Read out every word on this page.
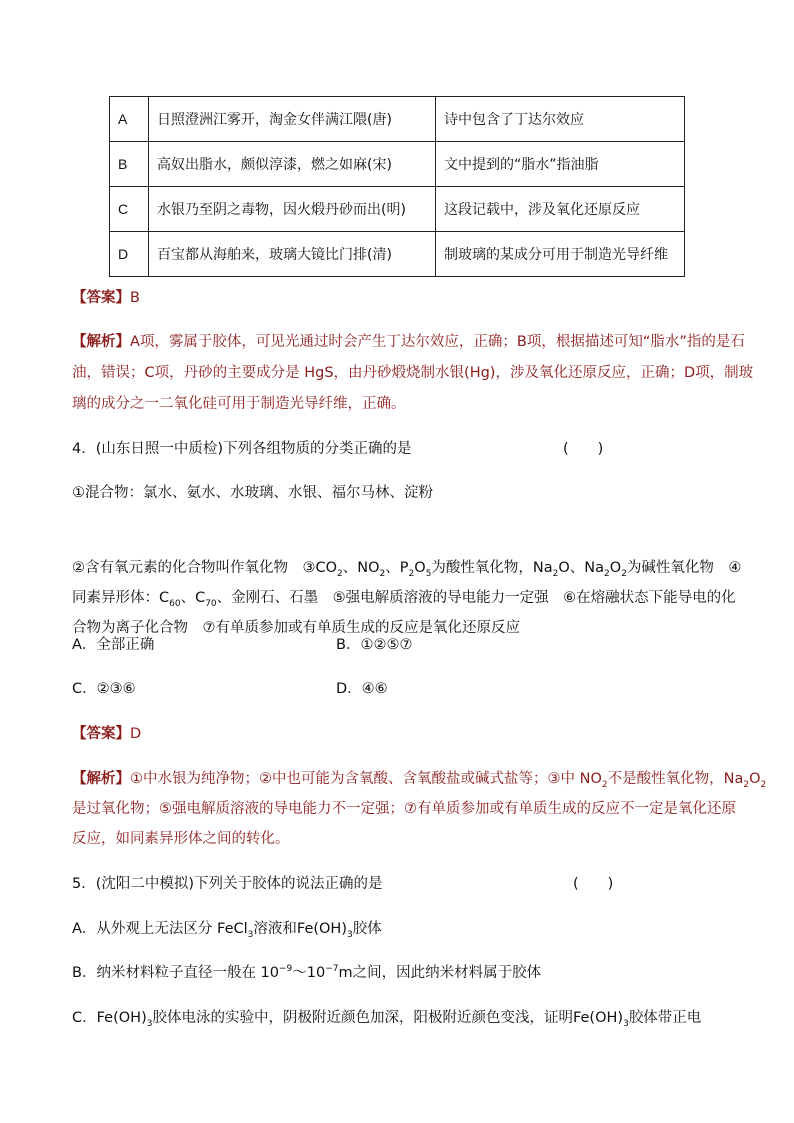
A	日照澄洲江雾开，淘金女伴满江隈(唐)	诗中包含了丁达尔效应
B	高奴出脂水，颇似淳漆，燃之如麻(宋)	文中提到的“脂水”指油脂
C	水银乃至阴之毒物，因火煅丹砂而出(明)	这段记载中，涉及氧化还原反应
D	百宝都从海舶来，玻璃大镜比门排(清)	制玻璃的某成分可用于制造光导纤维
【答案】B
【解析】A项，雾属于胶体，可见光通过时会产生丁达尔效应，正确；B项，根据描述可知“脂水”指的是石
油，错误；C项，丹砂的主要成分是 HgS，由丹砂煅烧制水银(Hg)，涉及氧化还原反应，正确；D项，制玻
璃的成分之一二氧化硅可用于制造光导纤维，正确。
4．(山东日照一中质检)下列各组物质的分类正确的是	(　　)
①混合物：氯水、氨水、水玻璃、水银、福尔马林、淀粉
②含有氧元素的化合物叫作氧化物　$③CO_2$、$NO_2$、$P_2O_5$为酸性氧化物，$Na_2O$、$Na_2O_2$为碱性氧化物　④
同素异形体：$C_{60}$、$C_{70}$、金刚石、石墨　⑤强电解质溶液的导电能力一定强　⑥在熔融状态下能导电的化
合物为离子化合物　⑦有单质参加或有单质生成的反应是氧化还原反应
A．全部正确	B．①②⑤⑦
C．②③⑥	D．④⑥
【答案】D
【解析】①中水银为纯净物；②中也可能为含氧酸、含氧酸盐或碱式盐等；③中 $NO_2$不是酸性氧化物，$Na_2O_2$
是过氧化物；⑤强电解质溶液的导电能力不一定强；⑦有单质参加或有单质生成的反应不一定是氧化还原
反应，如同素异形体之间的转化。
5．(沈阳二中模拟)下列关于胶体的说法正确的是	(　　)
A．从外观上无法区分 FeCl$_3$溶液和$Fe(OH)_3$胶体
B．纳米材料粒子直径一般在 $10^{-9}\sim 10^{-7}m$之间，因此纳米材料属于胶体
C．$Fe(OH)_3$胶体电泳的实验中，阴极附近颜色加深，阳极附近颜色变浅，证明$Fe(OH)_3$胶体带正电
